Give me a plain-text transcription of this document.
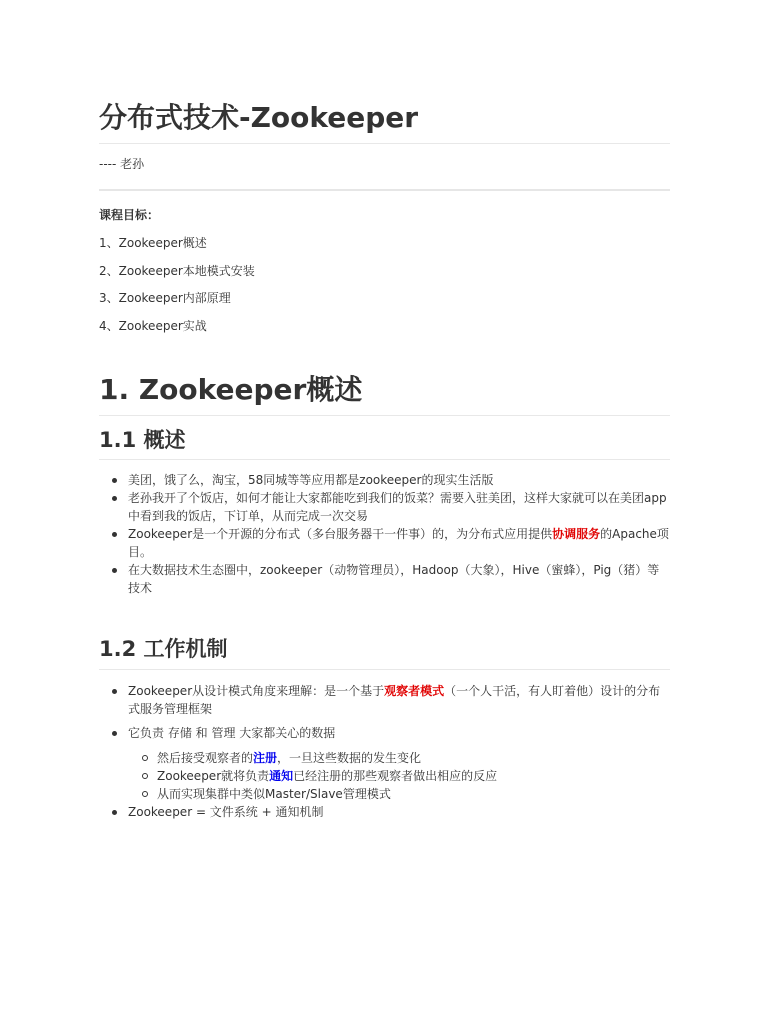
分布式技术-Zookeeper
---- 老孙
课程目标：
1、Zookeeper概述
2、Zookeeper本地模式安装
3、Zookeeper内部原理
4、Zookeeper实战
1. Zookeeper概述
1.1 概述
美团，饿了么，淘宝，58同城等等应用都是zookeeper的现实生活版
老孙我开了个饭店，如何才能让大家都能吃到我们的饭菜？需要入驻美团，这样大家就可以在美团app中看到我的饭店，下订单，从而完成一次交易
Zookeeper是一个开源的分布式（多台服务器干一件事）的，为分布式应用提供协调服务的Apache项目。
在大数据技术生态圈中，zookeeper（动物管理员），Hadoop（大象），Hive（蜜蜂），Pig（猪）等技术
1.2 工作机制
Zookeeper从设计模式角度来理解：是一个基于观察者模式（一个人干活，有人盯着他）设计的分布式服务管理框架
它负责 存储 和 管理 大家都关心的数据
然后接受观察者的注册，一旦这些数据的发生变化
Zookeeper就将负责通知已经注册的那些观察者做出相应的反应
从而实现集群中类似Master/Slave管理模式
Zookeeper = 文件系统 + 通知机制
